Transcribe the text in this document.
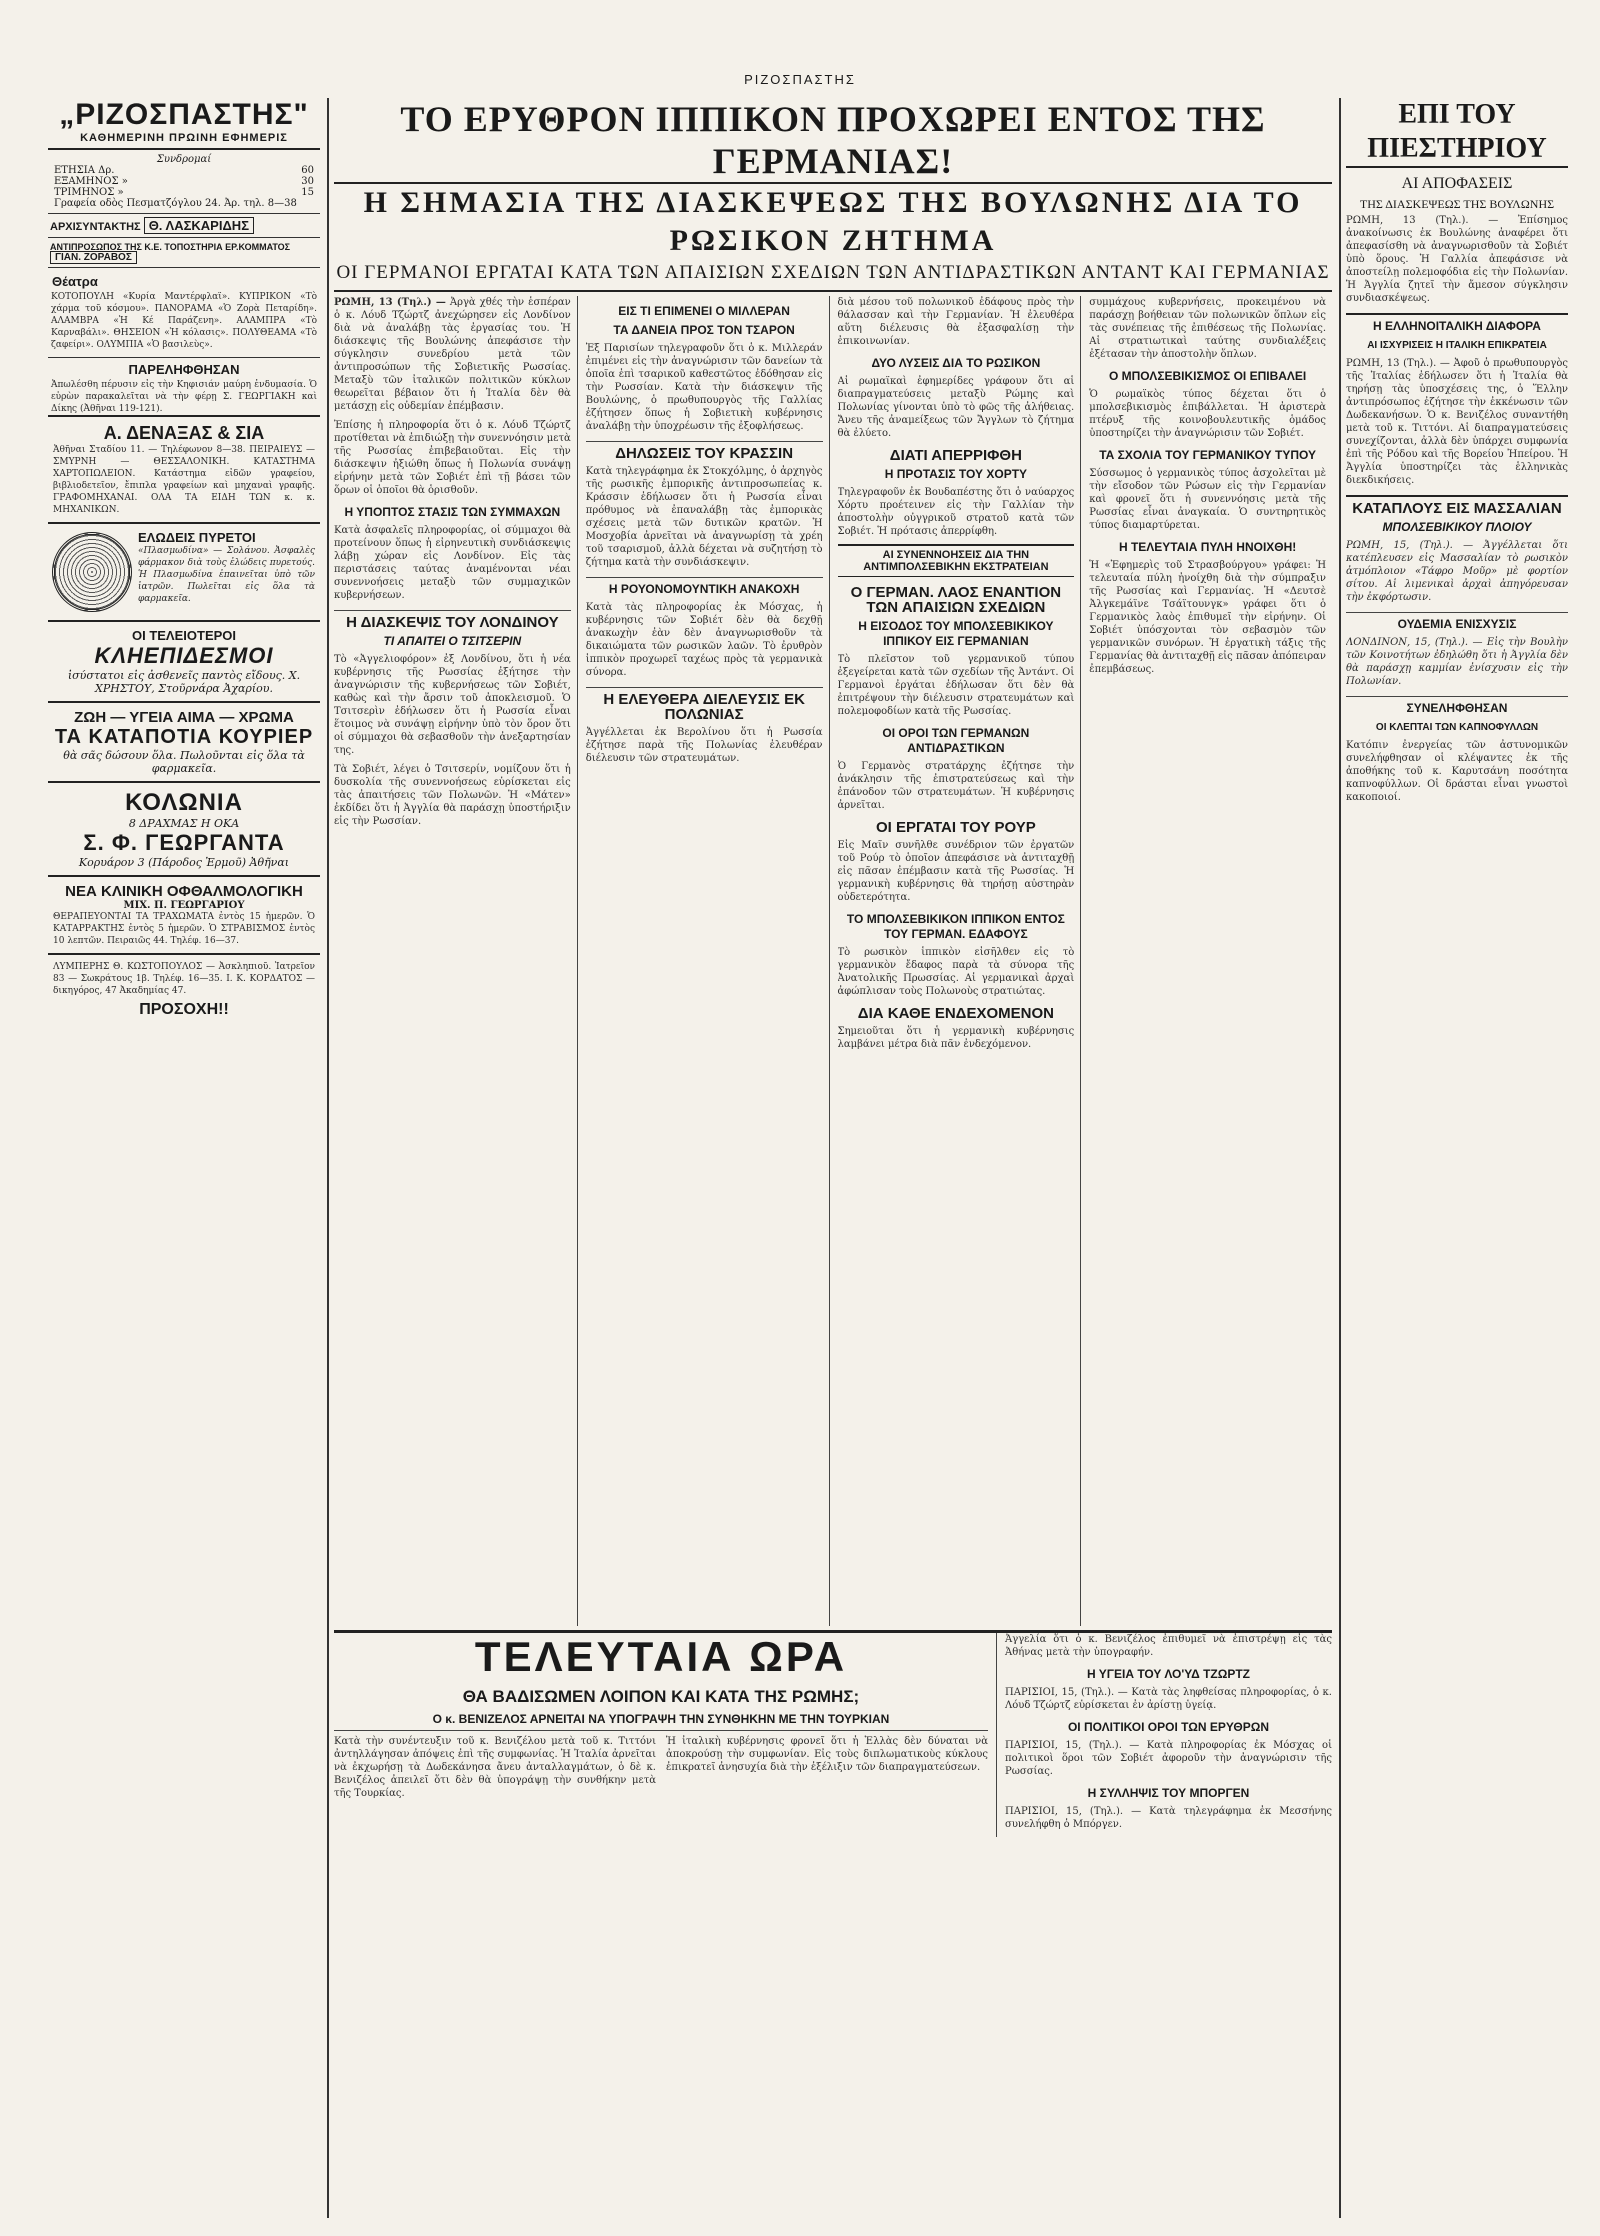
ΡΙΖΟΣΠΑΣΤΗΣ
„ΡΙΖΟΣΠΑΣΤΗΣ"
ΚΑΘΗΜΕΡΙΝΗ ΠΡΩΙΝΗ ΕΦΗΜΕΡΙΣ
Συνδρομαί
ΕΤΗΣΙΑ Δρ.	60
ΕΞΑΜΗΝΟΣ »	30
ΤΡΙΜΗΝΟΣ »	15
Γραφεία οδὸς Πεσματζόγλου 24. Ἀρ. τηλ. 8—38
ΑΡΧΙΣΥΝΤΑΚΤΗΣ Θ. ΛΑΣΚΑΡΙΔΗΣ
ΑΝΤΙΠΡΟΣΩΠΟΣ ΤΗΣ Κ.Ε. ΤΟΠΟΣΤΗΡΙΑ ΕΡ.ΚΟΜΜΑΤΟΣ ΓΙΑΝ. ΖΟΡΑΒΟΣ
Θέατρα
ΚΟΤΟΠΟΥΛΗ «Κυρία Μαντέρφλαϊ». ΚΥΠΡΙΚΟΝ «Τὸ χάρμα τοῦ κόσμου». ΠΑΝΟΡΑΜΑ «Ὁ Ζορὰ Πεταρίδη». ΑΛΑΜΒΡΑ «Ἡ Κέ Παράζενη». ΑΛΑΜΠΡΑ «Τὸ Καρναβάλι». ΘΗΣΕΙΟΝ «Ἡ κόλασις». ΠΟΛΥΘΕΑΜΑ «Τὸ ζαφείρι». ΟΛΥΜΠΙΑ «Ὁ βασιλεὺς».
ΠΑΡΕΛΗΦΘΗΣΑΝ
Ἀπωλέσθη πέρυσιν εἰς τὴν Κηφισιάν μαύρη ἐνδυμασία. Ὁ εὑρὼν παρακαλεῖται νὰ τὴν φέρῃ Σ. ΓΕΩΡΓΙΑΚΗ καὶ Δίκης (Ἀθῆναι 119-121).
Α. ΔΕΝΑΞΑΣ & ΣΙΑ
Ἀθῆναι Σταδίου 11. — Τηλέφωνον 8—38. ΠΕΙΡΑΙΕΥΣ — ΣΜΥΡΝΗ — ΘΕΣΣΑΛΟΝΙΚΗ. ΚΑΤΑΣΤΗΜΑ ΧΑΡΤΟΠΩΛΕΙΟΝ. Κατάστημα εἰδῶν γραφείου, βιβλιοδετεῖον, ἔπιπλα γραφείων καὶ μηχαναὶ γραφῆς. ΓΡΑΦΟΜΗΧΑΝΑΙ. ΟΛΑ ΤΑ ΕΙΔΗ ΤΩΝ κ. κ. ΜΗΧΑΝΙΚΩΝ.
ΕΛΩΔΕΙΣ ΠΥΡΕΤΟΙ
«Πλασμωδίνα» — Σολάνου. Ἀσφαλὲς φάρμακον διὰ τοὺς ἐλώδεις πυρετούς. Ἡ Πλασμωδίνα ἐπαινεῖται ὑπὸ τῶν ἰατρῶν. Πωλεῖται εἰς ὅλα τὰ φαρμακεῖα.
ΟΙ ΤΕΛΕΙΟΤΕΡΟΙ
ΚΛΗΕΠΙΔΕΣΜΟΙ
ἰσύστατοι εἰς ἀσθενεῖς παντὸς εἴδους. Χ. ΧΡΗΣΤΟΥ, Στοῦρνάρα Ἀχαρίου.
ΖΩΗ — ΥΓΕΙΑ ΑΙΜΑ — ΧΡΩΜΑ
ΤΑ ΚΑΤΑΠΟΤΙΑ ΚΟΥΡΙΕΡ
θὰ σᾶς δώσουν ὅλα. Πωλοῦνται εἰς ὅλα τὰ φαρμακεῖα.
ΚΟΛΩΝΙΑ
8 ΔΡΑΧΜΑΣ Η ΟΚΑ
Σ. Φ. ΓΕΩΡΓΑΝΤΑ
Κορυάρον 3 (Πάροδος Ἐρμοῦ) Ἀθῆναι
ΝΕΑ ΚΛΙΝΙΚΗ ΟΦΘΑΛΜΟΛΟΓΙΚΗ
ΜΙΧ. Π. ΓΕΩΡΓΑΡΙΟΥ
ΘΕΡΑΠΕΥΟΝΤΑΙ ΤΑ ΤΡΑΧΩΜΑΤΑ ἐντὸς 15 ἡμερῶν. Ὁ ΚΑΤΑΡΡΑΚΤΗΣ ἐντὸς 5 ἡμερῶν. Ὁ ΣΤΡΑΒΙΣΜΟΣ ἐντὸς 10 λεπτῶν. Πειραιῶς 44. Τηλέφ. 16—37.
ΛΥΜΠΕΡΗΣ Θ. ΚΩΣΤΟΠΟΥΛΟΣ — Ἀσκληπιοῦ. Ἰατρεῖον 83 — Σωκράτους 1β. Τηλέφ. 16—35. Ι. Κ. ΚΟΡΔΑΤΟΣ — δικηγόρος, 47 Ἀκαδημίας 47.
ΠΡΟΣΟΧΗ!!
ΤΟ ΕΡΥΘΡΟΝ ΙΠΠΙΚΟΝ ΠΡΟΧΩΡΕΙ ΕΝΤΟΣ ΤΗΣ ΓΕΡΜΑΝΙΑΣ!
Η ΣΗΜΑΣΙΑ ΤΗΣ ΔΙΑΣΚΕΨΕΩΣ ΤΗΣ ΒΟΥΛΩΝΗΣ ΔΙΑ ΤΟ ΡΩΣΙΚΟΝ ΖΗΤΗΜΑ
ΟΙ ΓΕΡΜΑΝΟΙ ΕΡΓΑΤΑΙ ΚΑΤΑ ΤΩΝ ΑΠΑΙΣΙΩΝ ΣΧΕΔΙΩΝ ΤΩΝ ΑΝΤΙΔΡΑΣΤΙΚΩΝ ΑΝΤΑΝΤ ΚΑΙ ΓΕΡΜΑΝΙΑΣ

ΡΩΜΗ, 13 (Τηλ.) — Ἀργὰ χθές τὴν ἑσπέραν ὁ κ. Λόυδ Τζώρτζ ἀνεχώρησεν εἰς Λονδίνον διὰ νὰ ἀναλάβῃ τὰς ἐργασίας του. Ἡ διάσκεψις τῆς Βουλώνης ἀπεφάσισε τὴν σύγκλησιν συνεδρίου μετὰ τῶν ἀντιπροσώπων τῆς Σοβιετικῆς Ρωσσίας. Μεταξὺ τῶν ἰταλικῶν πολιτικῶν κύκλων θεωρεῖται βέβαιον ὅτι ἡ Ἰταλία δὲν θὰ μετάσχῃ εἰς οὐδεμίαν ἐπέμβασιν.

Ἐπίσης ἡ πληροφορία ὅτι ὁ κ. Λόυδ Τζώρτζ προτίθεται νὰ ἐπιδιώξῃ τὴν συνεννόησιν μετὰ τῆς Ρωσσίας ἐπιβεβαιοῦται. Εἰς τὴν διάσκεψιν ἠξιώθη ὅπως ἡ Πολωνία συνάψῃ εἰρήνην μετὰ τῶν Σοβιέτ ἐπὶ τῇ βάσει τῶν ὅρων οἱ ὁποῖοι θὰ ὁρισθοῦν.

Η ΥΠΟΠΤΟΣ ΣΤΑΣΙΣ ΤΩΝ ΣΥΜΜΑΧΩΝ

Κατὰ ἀσφαλεῖς πληροφορίας, οἱ σύμμαχοι θὰ προτείνουν ὅπως ἡ εἰρηνευτικὴ συνδιάσκεψις λάβῃ χώραν εἰς Λονδίνον. Εἰς τὰς περιστάσεις ταύτας ἀναμένονται νέαι συνεννοήσεις μεταξὺ τῶν συμμαχικῶν κυβερνήσεων.

Η ΔΙΑΣΚΕΨΙΣ ΤΟΥ ΛΟΝΔΙΝΟΥ
ΤΙ ΑΠΑΙΤΕΙ Ο ΤΣΙΤΣΕΡΙΝ

Τὸ «Ἀγγελιοφόρον» ἐξ Λονδίνου, ὅτι ἡ νέα κυβέρνησις τῆς Ρωσσίας ἐξήτησε τὴν ἀναγνώρισιν τῆς κυβερνήσεως τῶν Σοβιέτ, καθὼς καὶ τὴν ἄρσιν τοῦ ἀποκλεισμοῦ. Ὁ Τσιτσερὶν ἐδήλωσεν ὅτι ἡ Ρωσσία εἶναι ἕτοιμος νὰ συνάψῃ εἰρήνην ὑπὸ τὸν ὅρον ὅτι οἱ σύμμαχοι θὰ σεβασθοῦν τὴν ἀνεξαρτησίαν της.

Τὰ Σοβιέτ, λέγει ὁ Τσιτσερίν, νομίζουν ὅτι ἡ δυσκολία τῆς συνεννοήσεως εὑρίσκεται εἰς τὰς ἀπαιτήσεις τῶν Πολωνῶν. Ἡ «Μάτεν» ἐκδίδει ὅτι ἡ Ἀγγλία θὰ παράσχῃ ὑποστήριξιν εἰς τὴν Ρωσσίαν.

ΕΙΣ ΤΙ ΕΠΙΜΕΝΕΙ Ο ΜΙΛΛΕΡΑΝ
ΤΑ ΔΑΝΕΙΑ ΠΡΟΣ ΤΟΝ ΤΣΑΡΟΝ

Ἐξ Παρισίων τηλεγραφοῦν ὅτι ὁ κ. Μιλλεράν ἐπιμένει εἰς τὴν ἀναγνώρισιν τῶν δανείων τὰ ὁποῖα ἐπὶ τσαρικοῦ καθεστῶτος ἐδόθησαν εἰς τὴν Ρωσσίαν. Κατὰ τὴν διάσκεψιν τῆς Βουλώνης, ὁ πρωθυπουργὸς τῆς Γαλλίας ἐζήτησεν ὅπως ἡ Σοβιετικὴ κυβέρνησις ἀναλάβῃ τὴν ὑποχρέωσιν τῆς ἐξοφλήσεως.

ΔΗΛΩΣΕΙΣ ΤΟΥ ΚΡΑΣΣΙΝ

Κατὰ τηλεγράφημα ἐκ Στοκχόλμης, ὁ ἀρχηγὸς τῆς ρωσικῆς ἐμπορικῆς ἀντιπροσωπείας κ. Κράσσιν ἐδήλωσεν ὅτι ἡ Ρωσσία εἶναι πρόθυμος νὰ ἐπαναλάβῃ τὰς ἐμπορικὰς σχέσεις μετὰ τῶν δυτικῶν κρατῶν. Ἡ Μοσχοβία ἀρνεῖται νὰ ἀναγνωρίσῃ τὰ χρέη τοῦ τσαρισμοῦ, ἀλλὰ δέχεται νὰ συζητήσῃ τὸ ζήτημα κατὰ τὴν συνδιάσκεψιν.

Η ΡΟΥΟΝΟΜΟΥΝΤΙΚΗ ΑΝΑΚΟΧΗ

Κατὰ τὰς πληροφορίας ἐκ Μόσχας, ἡ κυβέρνησις τῶν Σοβιέτ δὲν θὰ δεχθῇ ἀνακωχὴν ἐὰν δὲν ἀναγνωρισθοῦν τὰ δικαιώματα τῶν ρωσικῶν λαῶν. Τὸ ἐρυθρὸν ἱππικὸν προχωρεῖ ταχέως πρὸς τὰ γερμανικὰ σύνορα.

Η ΕΛΕΥΘΕΡΑ ΔΙΕΛΕΥΣΙΣ ΕΚ ΠΟΛΩΝΙΑΣ

Ἀγγέλλεται ἐκ Βερολίνου ὅτι ἡ Ρωσσία ἐζήτησε παρὰ τῆς Πολωνίας ἐλευθέραν διέλευσιν τῶν στρατευμάτων.

διὰ μέσου τοῦ πολωνικοῦ ἐδάφους πρὸς τὴν θάλασσαν καὶ τὴν Γερμανίαν. Ἡ ἐλευθέρα αὕτη διέλευσις θὰ ἐξασφαλίσῃ τὴν ἐπικοινωνίαν.

ΔΥΟ ΛΥΣΕΙΣ ΔΙΑ ΤΟ ΡΩΣΙΚΟΝ

Αἱ ρωμαϊκαὶ ἐφημερίδες γράφουν ὅτι αἱ διαπραγματεύσεις μεταξὺ Ρώμης καὶ Πολωνίας γίνονται ὑπὸ τὸ φῶς τῆς ἀλήθειας. Ἄνευ τῆς ἀναμείξεως τῶν Ἄγγλων τὸ ζήτημα θὰ ἐλύετο.

ΔΙΑΤΙ ΑΠΕΡΡΙΦΘΗ
Η ΠΡΟΤΑΣΙΣ ΤΟΥ ΧΟΡΤΥ

Τηλεγραφοῦν ἐκ Βουδαπέστης ὅτι ὁ ναύαρχος Χόρτυ προέτεινεν εἰς τὴν Γαλλίαν τὴν ἀποστολὴν οὐγγρικοῦ στρατοῦ κατὰ τῶν Σοβιέτ. Ἡ πρότασις ἀπερρίφθη.

ΑΙ ΣΥΝΕΝΝΟΗΣΕΙΣ ΔΙΑ ΤΗΝ ΑΝΤΙΜΠΟΛΣΕΒΙΚΗΝ ΕΚΣΤΡΑΤΕΙΑΝ
Ο ΓΕΡΜΑΝ. ΛΑΟΣ ΕΝΑΝΤΙΟΝ ΤΩΝ ΑΠΑΙΣΙΩΝ ΣΧΕΔΙΩΝ
Η ΕΙΣΟΔΟΣ ΤΟΥ ΜΠΟΛΣΕΒΙΚΙΚΟΥ ΙΠΠΙΚΟΥ ΕΙΣ ΓΕΡΜΑΝΙΑΝ

Τὸ πλεῖστον τοῦ γερμανικοῦ τύπου ἐξεγείρεται κατὰ τῶν σχεδίων τῆς Ἀντάντ. Οἱ Γερμανοὶ ἐργάται ἐδήλωσαν ὅτι δὲν θὰ ἐπιτρέψουν τὴν διέλευσιν στρατευμάτων καὶ πολεμοφοδίων κατὰ τῆς Ρωσσίας.

ΟΙ ΟΡΟΙ ΤΩΝ ΓΕΡΜΑΝΩΝ ΑΝΤΙΔΡΑΣΤΙΚΩΝ

Ὁ Γερμανὸς στρατάρχης ἐζήτησε τὴν ἀνάκλησιν τῆς ἐπιστρατεύσεως καὶ τὴν ἐπάνοδον τῶν στρατευμάτων. Ἡ κυβέρνησις ἀρνεῖται.

ΟΙ ΕΡΓΑΤΑΙ ΤΟΥ ΡΟΥΡ

Εἰς Μαῖν συνῆλθε συνέδριον τῶν ἐργατῶν τοῦ Ρούρ τὸ ὁποῖον ἀπεφάσισε νὰ ἀντιταχθῇ εἰς πᾶσαν ἐπέμβασιν κατὰ τῆς Ρωσσίας. Ἡ γερμανικὴ κυβέρνησις θὰ τηρήσῃ αὐστηρὰν οὐδετερότητα.

ΤΟ ΜΠΟΛΣΕΒΙΚΙΚΟΝ ΙΠΠΙΚΟΝ ΕΝΤΟΣ ΤΟΥ ΓΕΡΜΑΝ. ΕΔΑΦΟΥΣ

Τὸ ρωσικὸν ἱππικὸν εἰσῆλθεν εἰς τὸ γερμανικὸν ἔδαφος παρὰ τὰ σύνορα τῆς Ἀνατολικῆς Πρωσσίας. Αἱ γερμανικαὶ ἀρχαὶ ἀφώπλισαν τοὺς Πολωνοὺς στρατιώτας.

ΔΙΑ ΚΑΘΕ ΕΝΔΕΧΟΜΕΝΟΝ

Σημειοῦται ὅτι ἡ γερμανικὴ κυβέρνησις λαμβάνει μέτρα διὰ πᾶν ἐνδεχόμενον.

συμμάχους κυβερνήσεις, προκειμένου νὰ παράσχῃ βοήθειαν τῶν πολωνικῶν ὅπλων εἰς τὰς συνέπειας τῆς ἐπιθέσεως τῆς Πολωνίας. Αἱ στρατιωτικαὶ ταύτης συνδιαλέξεις ἐξέτασαν τὴν ἀποστολὴν ὅπλων.

Ο ΜΠΟΛΣΕΒΙΚΙΣΜΟΣ ΟΙ ΕΠΙΒΑΛΕΙ

Ὁ ρωμαϊκὸς τύπος δέχεται ὅτι ὁ μπολσεβικισμὸς ἐπιβάλλεται. Ἡ ἀριστερὰ πτέρυξ τῆς κοινοβουλευτικῆς ὁμάδος ὑποστηρίζει τὴν ἀναγνώρισιν τῶν Σοβιέτ.

ΤΑ ΣΧΟΛΙΑ ΤΟΥ ΓΕΡΜΑΝΙΚΟΥ ΤΥΠΟΥ

Σύσσωμος ὁ γερμανικὸς τύπος ἀσχολεῖται μὲ τὴν εἴσοδον τῶν Ρώσων εἰς τὴν Γερμανίαν καὶ φρονεῖ ὅτι ἡ συνεννόησις μετὰ τῆς Ρωσσίας εἶναι ἀναγκαία. Ὁ συντηρητικὸς τύπος διαμαρτύρεται.

Η ΤΕΛΕΥΤΑΙΑ ΠΥΛΗ ΗΝΟΙΧΘΗ!

Ἡ «Ἐφημερὶς τοῦ Στρασβούργου» γράφει: Ἡ τελευταία πύλη ἠνοίχθη διὰ τὴν σύμπραξιν τῆς Ρωσσίας καὶ Γερμανίας. Ἡ «Δευτσὲ Ἀλγκεμάϊνε Τσάϊτουνγκ» γράφει ὅτι ὁ Γερμανικὸς λαὸς ἐπιθυμεῖ τὴν εἰρήνην. Οἱ Σοβιέτ ὑπόσχονται τὸν σεβασμὸν τῶν γερμανικῶν συνόρων. Ἡ ἐργατικὴ τάξις τῆς Γερμανίας θὰ ἀντιταχθῇ εἰς πᾶσαν ἀπόπειραν ἐπεμβάσεως.

ΤΕΛΕΥΤΑΙΑ ΩΡΑ
ΘΑ ΒΑΔΙΣΩΜΕΝ ΛΟΙΠΟΝ ΚΑΙ ΚΑΤΑ ΤΗΣ ΡΩΜΗΣ;
Ο κ. ΒΕΝΙΖΕΛΟΣ ΑΡΝΕΙΤΑΙ ΝΑ ΥΠΟΓΡΑΨΗ ΤΗΝ ΣΥΝΘΗΚΗΝ ΜΕ ΤΗΝ ΤΟΥΡΚΙΑΝ

Κατὰ τὴν συνέντευξιν τοῦ κ. Βενιζέλου μετὰ τοῦ κ. Τιττόνι ἀντηλλάγησαν ἀπόψεις ἐπὶ τῆς συμφωνίας. Ἡ Ἰταλία ἀρνεῖται νὰ ἐκχωρήσῃ τὰ Δωδεκάνησα ἄνευ ἀνταλλαγμάτων, ὁ δὲ κ. Βενιζέλος ἀπειλεῖ ὅτι δὲν θὰ ὑπογράψῃ τὴν συνθήκην μετὰ τῆς Τουρκίας.

Ἡ ἰταλικὴ κυβέρνησις φρονεῖ ὅτι ἡ Ἑλλὰς δὲν δύναται νὰ ἀποκρούσῃ τὴν συμφωνίαν. Εἰς τοὺς διπλωματικοὺς κύκλους ἐπικρατεῖ ἀνησυχία διὰ τὴν ἐξέλιξιν τῶν διαπραγματεύσεων.

Ἀγγελία ὅτι ὁ κ. Βενιζέλος ἐπιθυμεῖ νὰ ἐπιστρέψῃ εἰς τὰς Ἀθήνας μετὰ τὴν ὑπογραφήν.

Η ΥΓΕΙΑ ΤΟΥ ΛΟ'ΥΔ ΤΖΩΡΤΖ

ΠΑΡΙΣΙΟΙ, 15, (Τηλ.). — Κατὰ τὰς ληφθείσας πληροφορίας, ὁ κ. Λόυδ Τζώρτζ εὑρίσκεται ἐν ἀρίστῃ ὑγείᾳ.

ΟΙ ΠΟΛΙΤΙΚΟΙ ΟΡΟΙ ΤΩΝ ΕΡΥΘΡΩΝ

ΠΑΡΙΣΙΟΙ, 15, (Τηλ.). — Κατὰ πληροφορίας ἐκ Μόσχας οἱ πολιτικοὶ ὅροι τῶν Σοβιέτ ἀφοροῦν τὴν ἀναγνώρισιν τῆς Ρωσσίας.

Η ΣΥΛΛΗΨΙΣ ΤΟΥ ΜΠΟΡΓΕΝ

ΠΑΡΙΣΙΟΙ, 15, (Τηλ.). — Κατὰ τηλεγράφημα ἐκ Μεσσήνης συνελήφθη ὁ Μπόργεν.

ΕΠΙ ΤΟΥ ΠΙΕΣΤΗΡΙΟΥ
ΑΙ ΑΠΟΦΑΣΕΙΣ
ΤΗΣ ΔΙΑΣΚΕΨΕΩΣ ΤΗΣ ΒΟΥΛΩΝΗΣ

ΡΩΜΗ, 13 (Τηλ.). — Ἐπίσημος ἀνακοίνωσις ἐκ Βουλώνης ἀναφέρει ὅτι ἀπεφασίσθη νὰ ἀναγνωρισθοῦν τὰ Σοβιέτ ὑπὸ ὅρους. Ἡ Γαλλία ἀπεφάσισε νὰ ἀποστείλῃ πολεμοφόδια εἰς τὴν Πολωνίαν. Ἡ Ἀγγλία ζητεῖ τὴν ἄμεσον σύγκλησιν συνδιασκέψεως.

Η ΕΛΛΗΝΟΙΤΑΛΙΚΗ ΔΙΑΦΟΡΑ
ΑΙ ΙΣΧΥΡΙΣΕΙΣ Η ΙΤΑΛΙΚΗ ΕΠΙΚΡΑΤΕΙΑ

ΡΩΜΗ, 13 (Τηλ.). — Ἀφοῦ ὁ πρωθυπουργὸς τῆς Ἰταλίας ἐδήλωσεν ὅτι ἡ Ἰταλία θὰ τηρήσῃ τὰς ὑποσχέσεις της, ὁ Ἕλλην ἀντιπρόσωπος ἐζήτησε τὴν ἐκκένωσιν τῶν Δωδεκανήσων. Ὁ κ. Βενιζέλος συναντήθη μετὰ τοῦ κ. Τιττόνι. Αἱ διαπραγματεύσεις συνεχίζονται, ἀλλὰ δὲν ὑπάρχει συμφωνία ἐπὶ τῆς Ρόδου καὶ τῆς Βορείου Ἠπείρου. Ἡ Ἀγγλία ὑποστηρίζει τὰς ἑλληνικὰς διεκδικήσεις.

ΚΑΤΑΠΛΟΥΣ ΕΙΣ ΜΑΣΣΑΛΙΑΝ
ΜΠΟΛΣΕΒΙΚΙΚΟΥ ΠΛΟΙΟΥ

ΡΩΜΗ, 15, (Τηλ.). — Ἀγγέλλεται ὅτι κατέπλευσεν εἰς Μασσαλίαν τὸ ρωσικὸν ἀτμόπλοιον «Τάφρο Μοῦρ» μὲ φορτίον σίτου. Αἱ λιμενικαὶ ἀρχαὶ ἀπηγόρευσαν τὴν ἐκφόρτωσιν.

ΟΥΔΕΜΙΑ ΕΝΙΣΧΥΣΙΣ

ΛΟΝΔΙΝΟΝ, 15, (Τηλ.). — Εἰς τὴν Βουλὴν τῶν Κοινοτήτων ἐδηλώθη ὅτι ἡ Ἀγγλία δὲν θὰ παράσχῃ καμμίαν ἐνίσχυσιν εἰς τὴν Πολωνίαν.

ΣΥΝΕΛΗΦΘΗΣΑΝ
ΟΙ ΚΛΕΠΤΑΙ ΤΩΝ ΚΑΠΝΟΦΥΛΛΩΝ

Κατόπιν ἐνεργείας τῶν ἀστυνομικῶν συνελήφθησαν οἱ κλέψαντες ἐκ τῆς ἀποθήκης τοῦ κ. Καρυτσάνη ποσότητα καπνοφύλλων. Οἱ δράσται εἶναι γνωστοὶ κακοποιοί.
